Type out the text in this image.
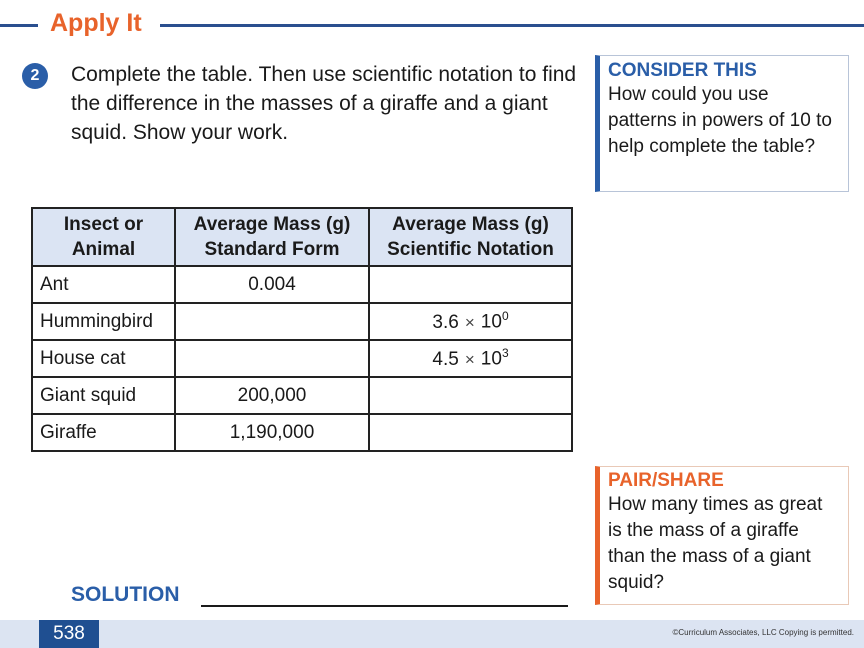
Apply It
2	Complete the table. Then use scientific notation to find the difference in the masses of a giraffe and a giant squid. Show your work.
CONSIDER THIS
How could you use patterns in powers of 10 to help complete the table?
Insect or Animal	Average Mass (g) Standard Form	Average Mass (g) Scientific Notation
Ant	0.004	
Hummingbird		$3.6 \times 10^0$
House cat		$4.5 \times 10^3$
Giant squid	200,000	
Giraffe	1,190,000	
PAIR/SHARE
How many times as great is the mass of a giraffe than the mass of a giant squid?
SOLUTION
538	©Curriculum Associates, LLC Copying is permitted.
